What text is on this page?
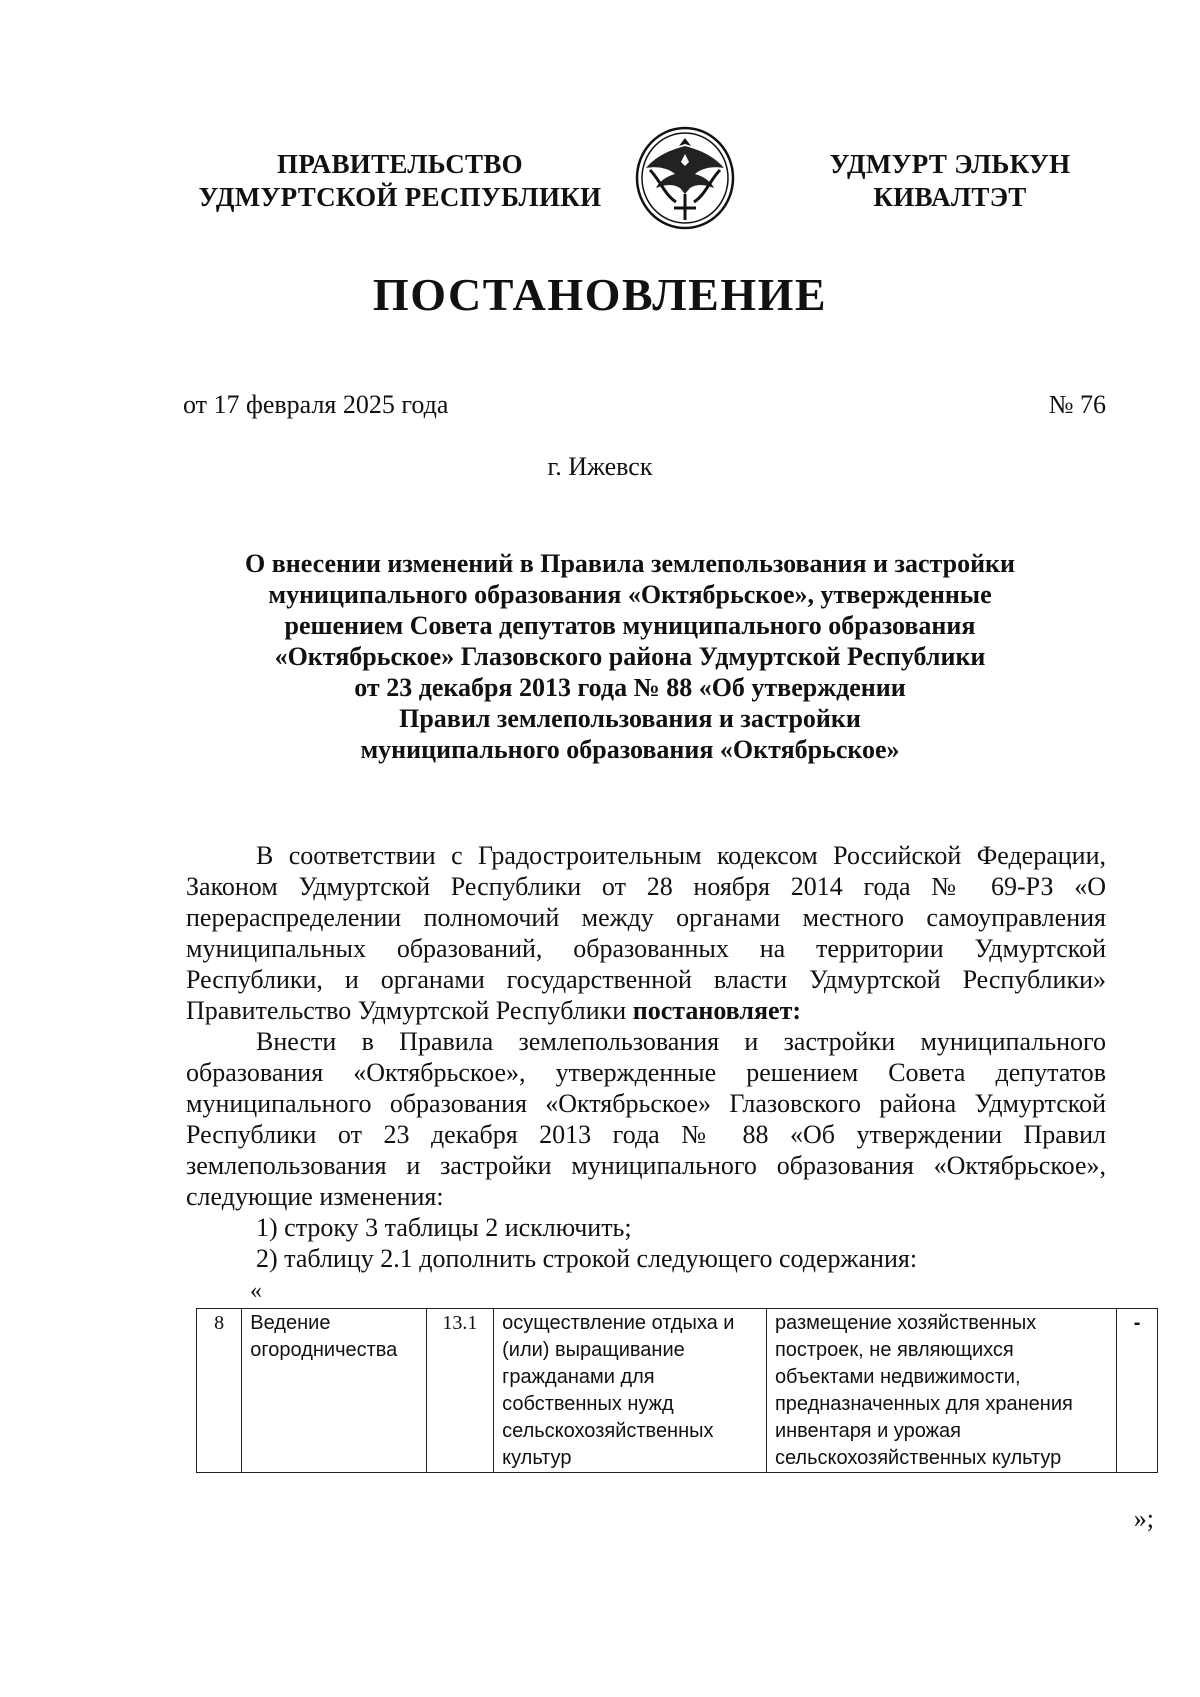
ПРАВИТЕЛЬСТВО
УДМУРТСКОЙ РЕСПУБЛИКИ
УДМУРТ ЭЛЬКУН
КИВАЛТЭТ
ПОСТАНОВЛЕНИЕ
от 17 февраля 2025 года	№ 76
г. Ижевск
О внесении изменений в Правила землепользования и застройки
муниципального образования «Октябрьское», утвержденные
решением Совета депутатов муниципального образования
«Октябрьское» Глазовского района Удмуртской Республики
от 23 декабря 2013 года № 88 «Об утверждении
Правил землепользования и застройки
муниципального образования «Октябрьское»

В соответствии с Градостроительным кодексом Российской Федерации, Законом Удмуртской Республики от 28 ноября 2014 года № 69-РЗ «О перераспределении полномочий между органами местного самоуправления муниципальных образований, образованных на территории Удмуртской Республики, и органами государственной власти Удмуртской Республики» Правительство Удмуртской Республики постановляет:

Внести в Правила землепользования и застройки муниципального образования «Октябрьское», утвержденные решением Совета депутатов муниципального образования «Октябрьское» Глазовского района Удмуртской Республики от 23 декабря 2013 года № 88 «Об утверждении Правил землепользования и застройки муниципального образования «Октябрьское», следующие изменения:

1) строку 3 таблицы 2 исключить;

2) таблицу 2.1 дополнить строкой следующего содержания:

«
8	Ведение огородничества	13.1	осуществление отдыха и (или) выращивание гражданами для собственных нужд сельскохозяйственных культур	размещение хозяйственных построек, не являющихся объектами недвижимости, предназначенных для хранения инвентаря и урожая сельскохозяйственных культур	-
»;
